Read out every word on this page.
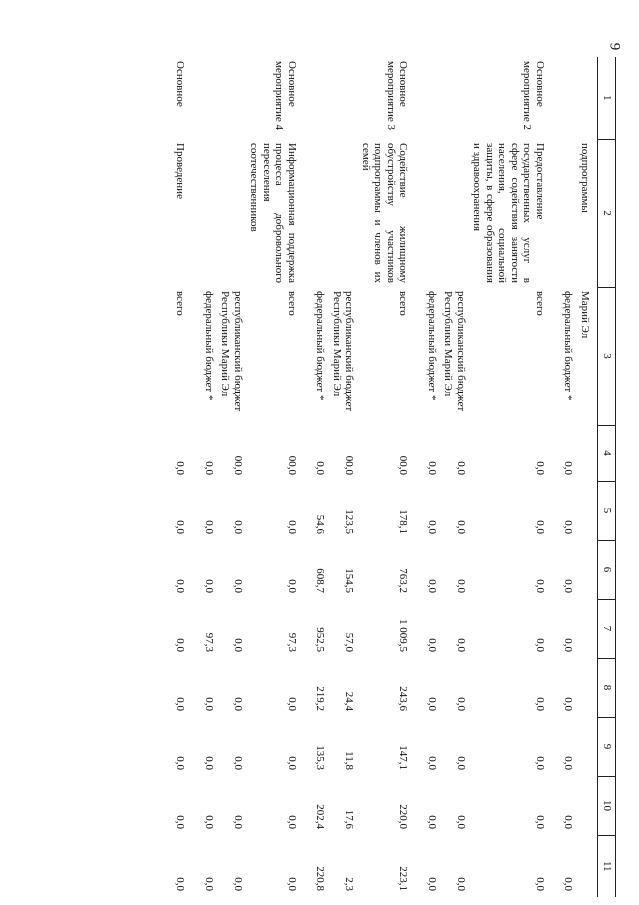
9
1	2	3	4	5	6	7	8	9	10	11
	подпрограммы	Марий Эл								
		федеральный бюджет *	0,0	0,0	0,0	0,0	0,0	0,0	0,0	0,0
Основное мероприятие 2	Предоставление государственных услуг в сфере содействия занятости населения, социальной защиты, в сфере образования и здравоохранения	всего	0,0	0,0	0,0	0,0	0,0	0,0	0,0	0,0
		республиканский бюджет Республики Марий Эл	0,0	0,0	0,0	0,0	0,0	0,0	0,0	0,0
		федеральный бюджет *	0,0	0,0	0,0	0,0	0,0	0,0	0,0	0,0
Основное мероприятие 3	Содействие жилищному обустройству участников подпрограммы и членов их семей	всего	00,0	178,1	763,2	1 009,5	243,6	147,1	220,0	223,1
		республиканский бюджет Республики Марий Эл	00,0	123,5	154,5	57,0	24,4	11,8	17,6	2,3
		федеральный бюджет *	0,0	54,6	608,7	952,5	219,2	135,3	202,4	220,8
Основное мероприятие 4	Информационная поддержка процесса добровольного переселения соотечественников	всего	00,0	0,0	0,0	97,3	0,0	0,0	0,0	0,0
		республиканский бюджет Республики Марий Эл	00,0	0,0	0,0	0,0	0,0	0,0	0,0	0,0
		федеральный бюджет *	0,0	0,0	0,0	97,3	0,0	0,0	0,0	0,0
Основное	Проведение	всего	0,0	0,0	0,0	0,0	0,0	0,0	0,0	0,0
